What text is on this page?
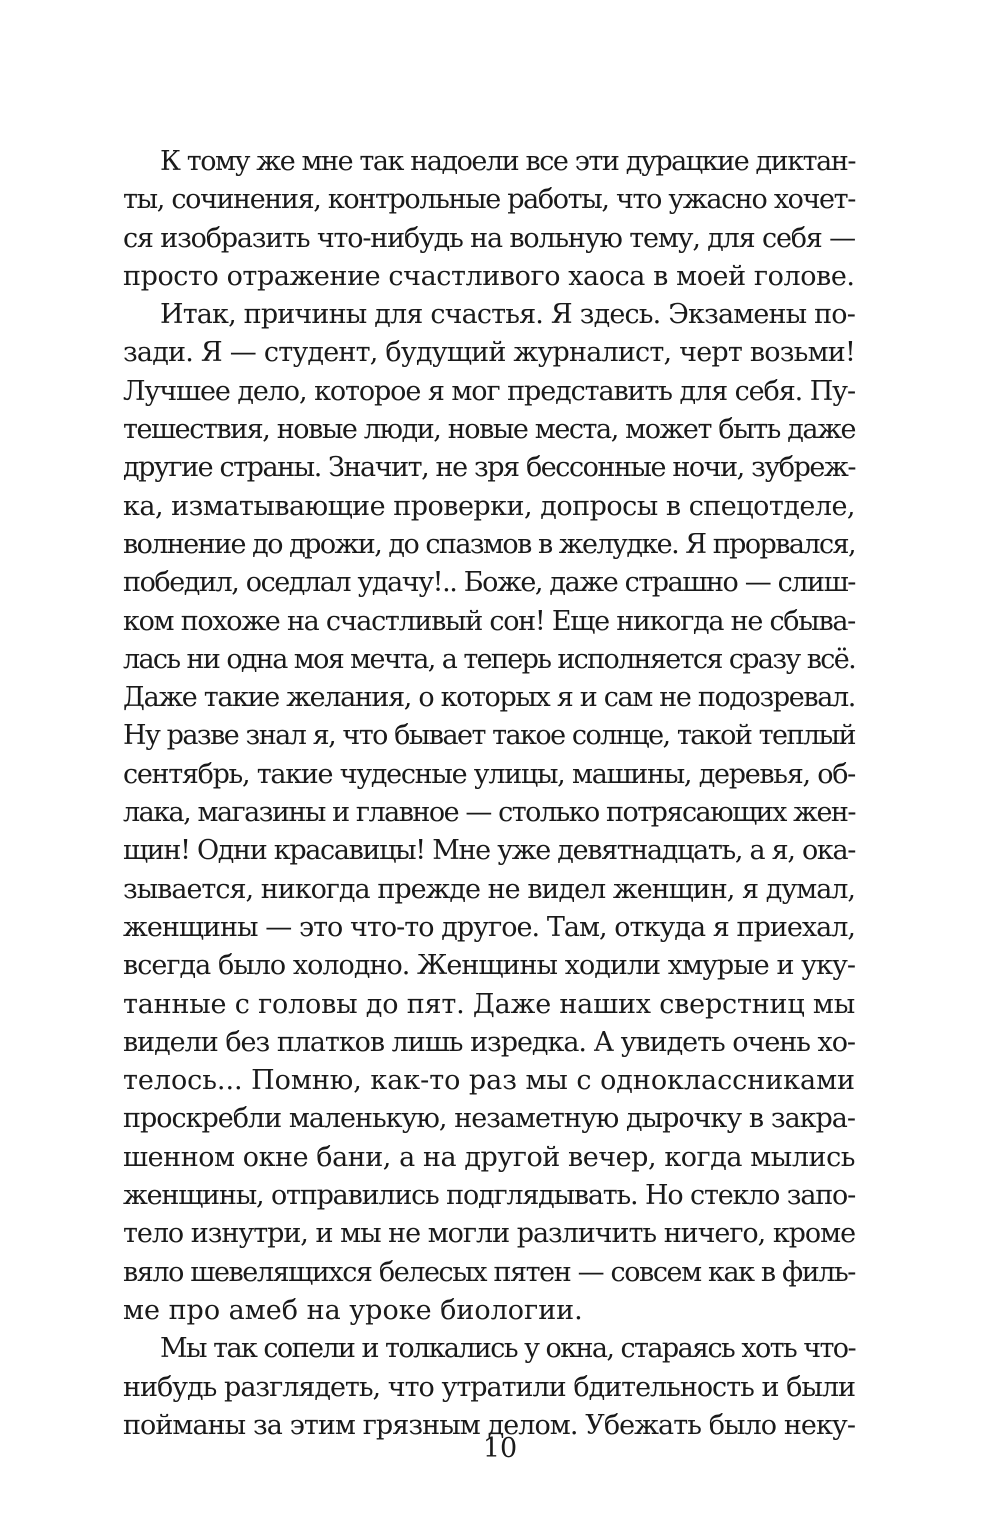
К тому же мне так надоели все эти дурацкие диктан-
ты, сочинения, контрольные работы, что ужасно хочет-
ся изобразить что-нибудь на вольную тему, для себя —
просто отражение счастливого хаоса в моей голове.
Итак, причины для счастья. Я здесь. Экзамены по-
зади. Я — студент, будущий журналист, черт возьми!
Лучшее дело, которое я мог представить для себя. Пу-
тешествия, новые люди, новые места, может быть даже
другие страны. Значит, не зря бессонные ночи, зубреж-
ка, изматывающие проверки, допросы в спецотделе,
волнение до дрожи, до спазмов в желудке. Я прорвался,
победил, оседлал удачу!.. Боже, даже страшно — слиш-
ком похоже на счастливый сон! Еще никогда не сбыва-
лась ни одна моя мечта, а теперь исполняется сразу всё.
Даже такие желания, о которых я и сам не подозревал.
Ну разве знал я, что бывает такое солнце, такой теплый
сентябрь, такие чудесные улицы, машины, деревья, об-
лака, магазины и главное — столько потрясающих жен-
щин! Одни красавицы! Мне уже девятнадцать, а я, ока-
зывается, никогда прежде не видел женщин, я думал,
женщины — это что-то другое. Там, откуда я приехал,
всегда было холодно. Женщины ходили хмурые и уку-
танные с головы до пят. Даже наших сверстниц мы
видели без платков лишь изредка. А увидеть очень хо-
телось... Помню, как-то раз мы с одноклассниками
проскребли маленькую, незаметную дырочку в закра-
шенном окне бани, а на другой вечер, когда мылись
женщины, отправились подглядывать. Но стекло запо-
тело изнутри, и мы не могли различить ничего, кроме
вяло шевелящихся белесых пятен — совсем как в филь-
ме про амеб на уроке биологии.
Мы так сопели и толкались у окна, стараясь хоть что-
нибудь разглядеть, что утратили бдительность и были
пойманы за этим грязным делом. Убежать было неку-
10
